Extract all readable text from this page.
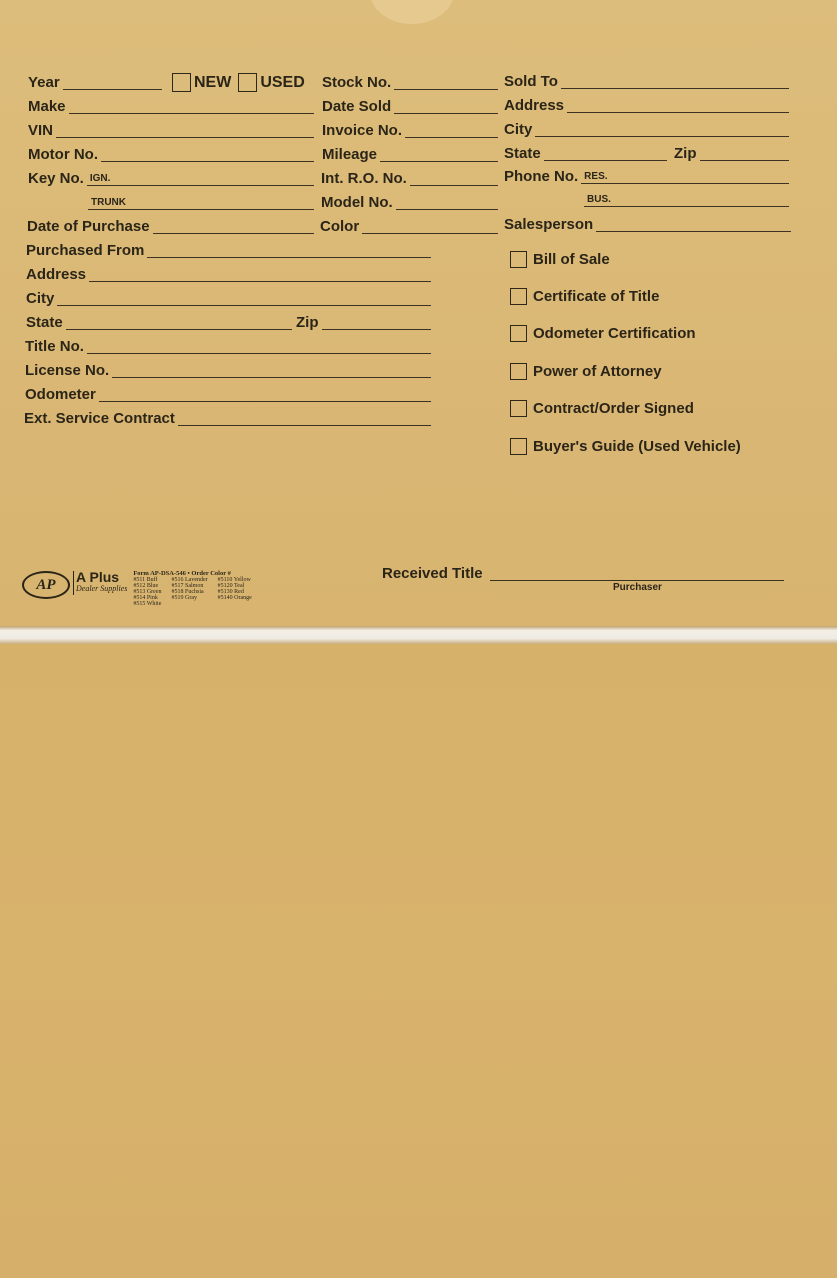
Year	NEW USED
Make
VIN
Motor No.
Key No. IGN.
TRUNK
Date of Purchase
Purchased From
Address
City
State	Zip
Title No.
License No.
Odometer
Ext. Service Contract
Stock No.
Date Sold
Invoice No.
Mileage
Int. R.O. No.
Model No.
Color
Sold To
Address
City
State	Zip
Phone No. RES.
BUS.
Salesperson
Bill of Sale
Certificate of Title
Odometer Certification
Power of Attorney
Contract/Order Signed
Buyer's Guide (Used Vehicle)
AP	A Plus
Dealer Supplies
Form AP-DSA-546 • Order Color #
#511 Buff
#512 Blue
#513 Green
#514 Pink
#515 White
#516 Lavender
#517 Salmon
#518 Fuchsia
#519 Gray
#5110 Yellow
#5120 Teal
#5130 Red
#5140 Orange
Received Title
Purchaser
